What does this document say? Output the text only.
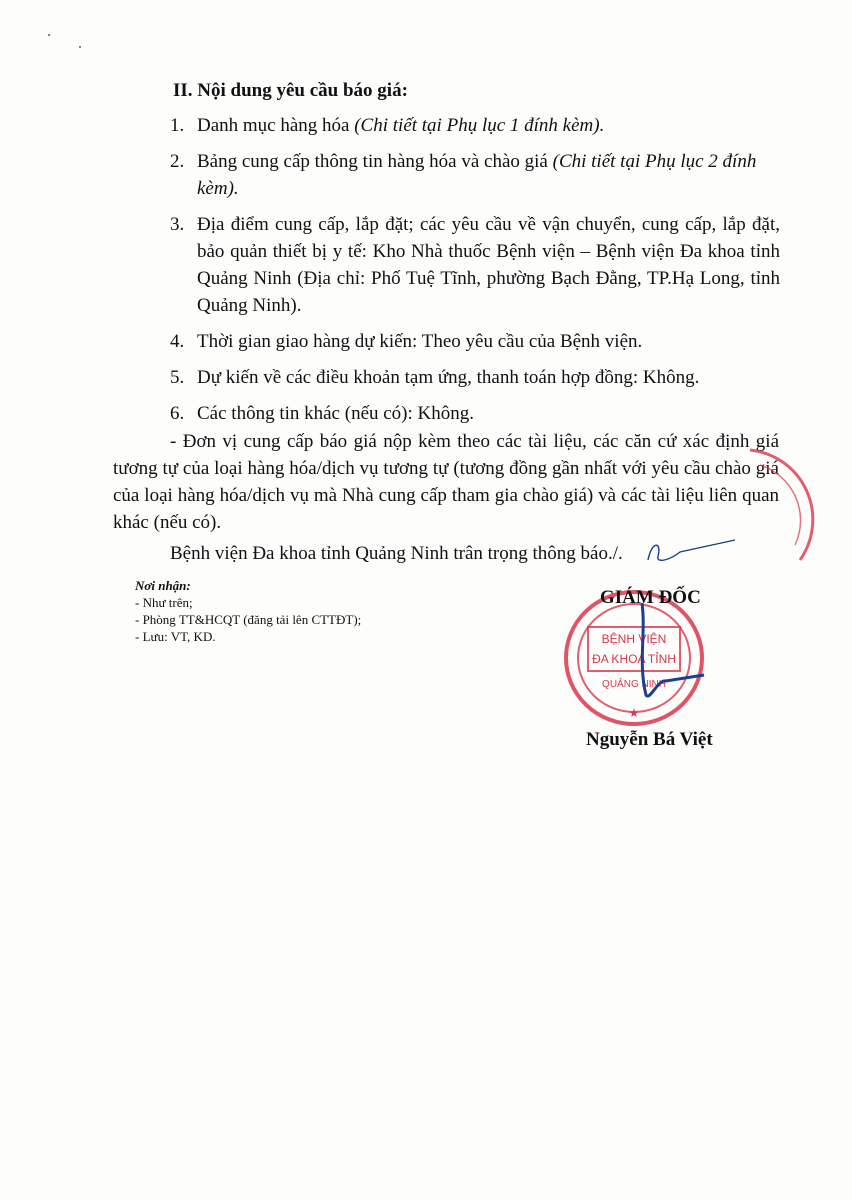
II. Nội dung yêu cầu báo giá:
1. Danh mục hàng hóa (Chi tiết tại Phụ lục 1 đính kèm).
2. Bảng cung cấp thông tin hàng hóa và chào giá (Chi tiết tại Phụ lục 2 đính kèm).
3. Địa điểm cung cấp, lắp đặt; các yêu cầu về vận chuyển, cung cấp, lắp đặt, bảo quản thiết bị y tế: Kho Nhà thuốc Bệnh viện – Bệnh viện Đa khoa tỉnh Quảng Ninh (Địa chỉ: Phố Tuệ Tĩnh, phường Bạch Đằng, TP.Hạ Long, tỉnh Quảng Ninh).
4. Thời gian giao hàng dự kiến: Theo yêu cầu của Bệnh viện.
5. Dự kiến về các điều khoản tạm ứng, thanh toán hợp đồng: Không.
6. Các thông tin khác (nếu có): Không.

- Đơn vị cung cấp báo giá nộp kèm theo các tài liệu, các căn cứ xác định giá tương tự của loại hàng hóa/dịch vụ tương tự (tương đồng gần nhất với yêu cầu chào giá của loại hàng hóa/dịch vụ mà Nhà cung cấp tham gia chào giá) và các tài liệu liên quan khác (nếu có).

Bệnh viện Đa khoa tỉnh Quảng Ninh trân trọng thông báo./.
Nơi nhận:
- Như trên;
- Phòng TT&HCQT (đăng tải lên CTTĐT);
- Lưu: VT, KD.	BỆNH VIỆN
ĐA KHOA TỈNH
QUẢNG NINH
★
GIÁM ĐỐC
Nguyễn Bá Việt
